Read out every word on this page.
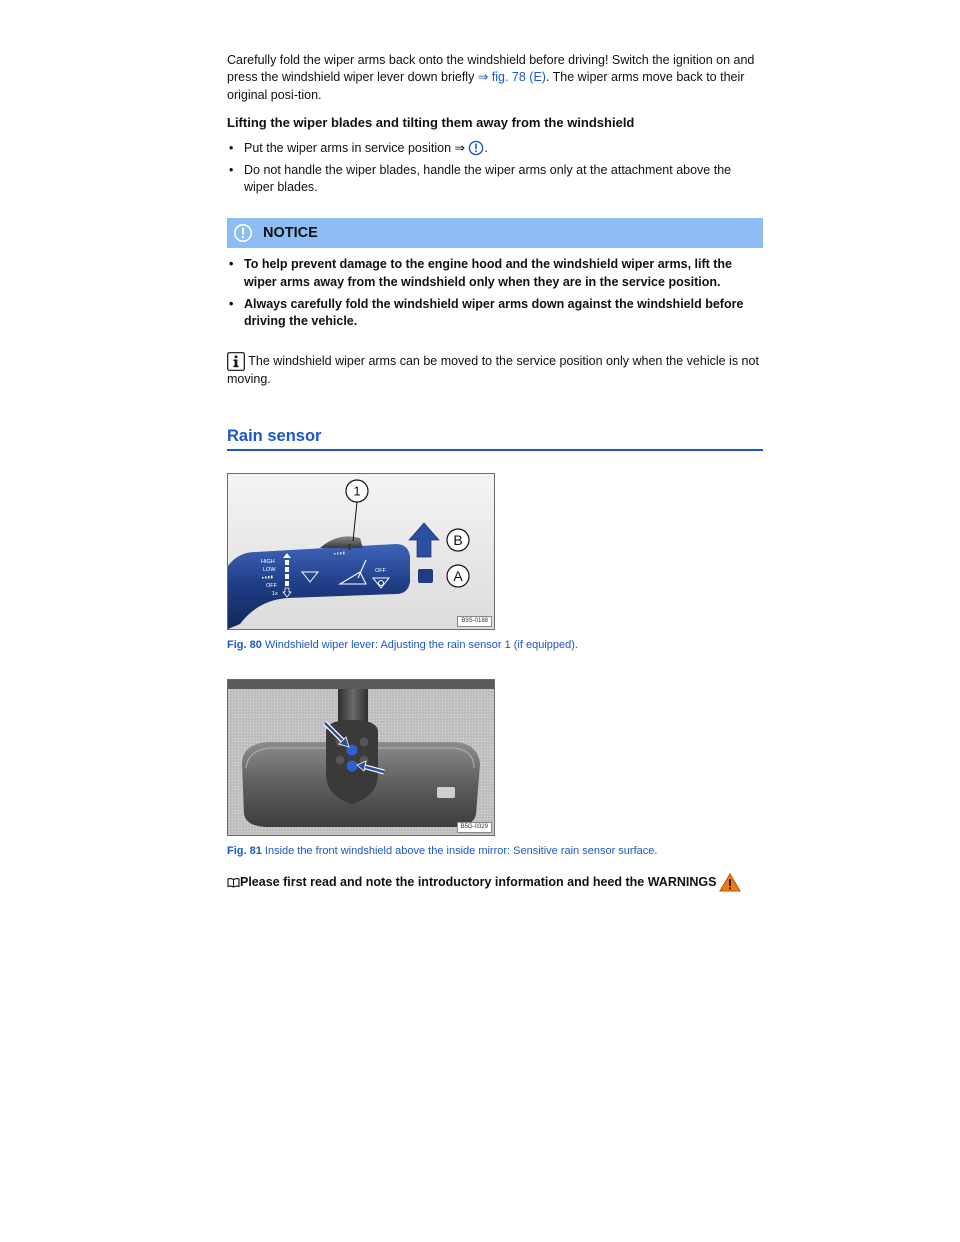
Carefully fold the wiper arms back onto the windshield before driving! Switch the ignition on and press the windshield wiper lever down briefly ⇒ fig. 78 (E). The wiper arms move back to their original posi-tion.

Lifting the wiper blades and tilting them away from the windshield
• Put the wiper arms in service position ⇒ .
• Do not handle the wiper blades, handle the wiper arms only at the attachment above the wiper blades.
NOTICE
• To help prevent damage to the engine hood and the windshield wiper arms, lift the wiper arms away from the windshield only when they are in the service position.
• Always carefully fold the windshield wiper arms down against the windshield before driving the vehicle.

The windshield wiper arms can be moved to the service position only when the vehicle is not moving.

Rain sensor
HIGH
LOW
OFF
1x
OFF
1
B
A
B3S-0188

Fig. 80 Windshield wiper lever: Adjusting the rain sensor 1 (if equipped).

B5G-0329

Fig. 81 Inside the front windshield above the inside mirror: Sensitive rain sensor surface.

Please first read and note the introductory information and heed the WARNINGS
